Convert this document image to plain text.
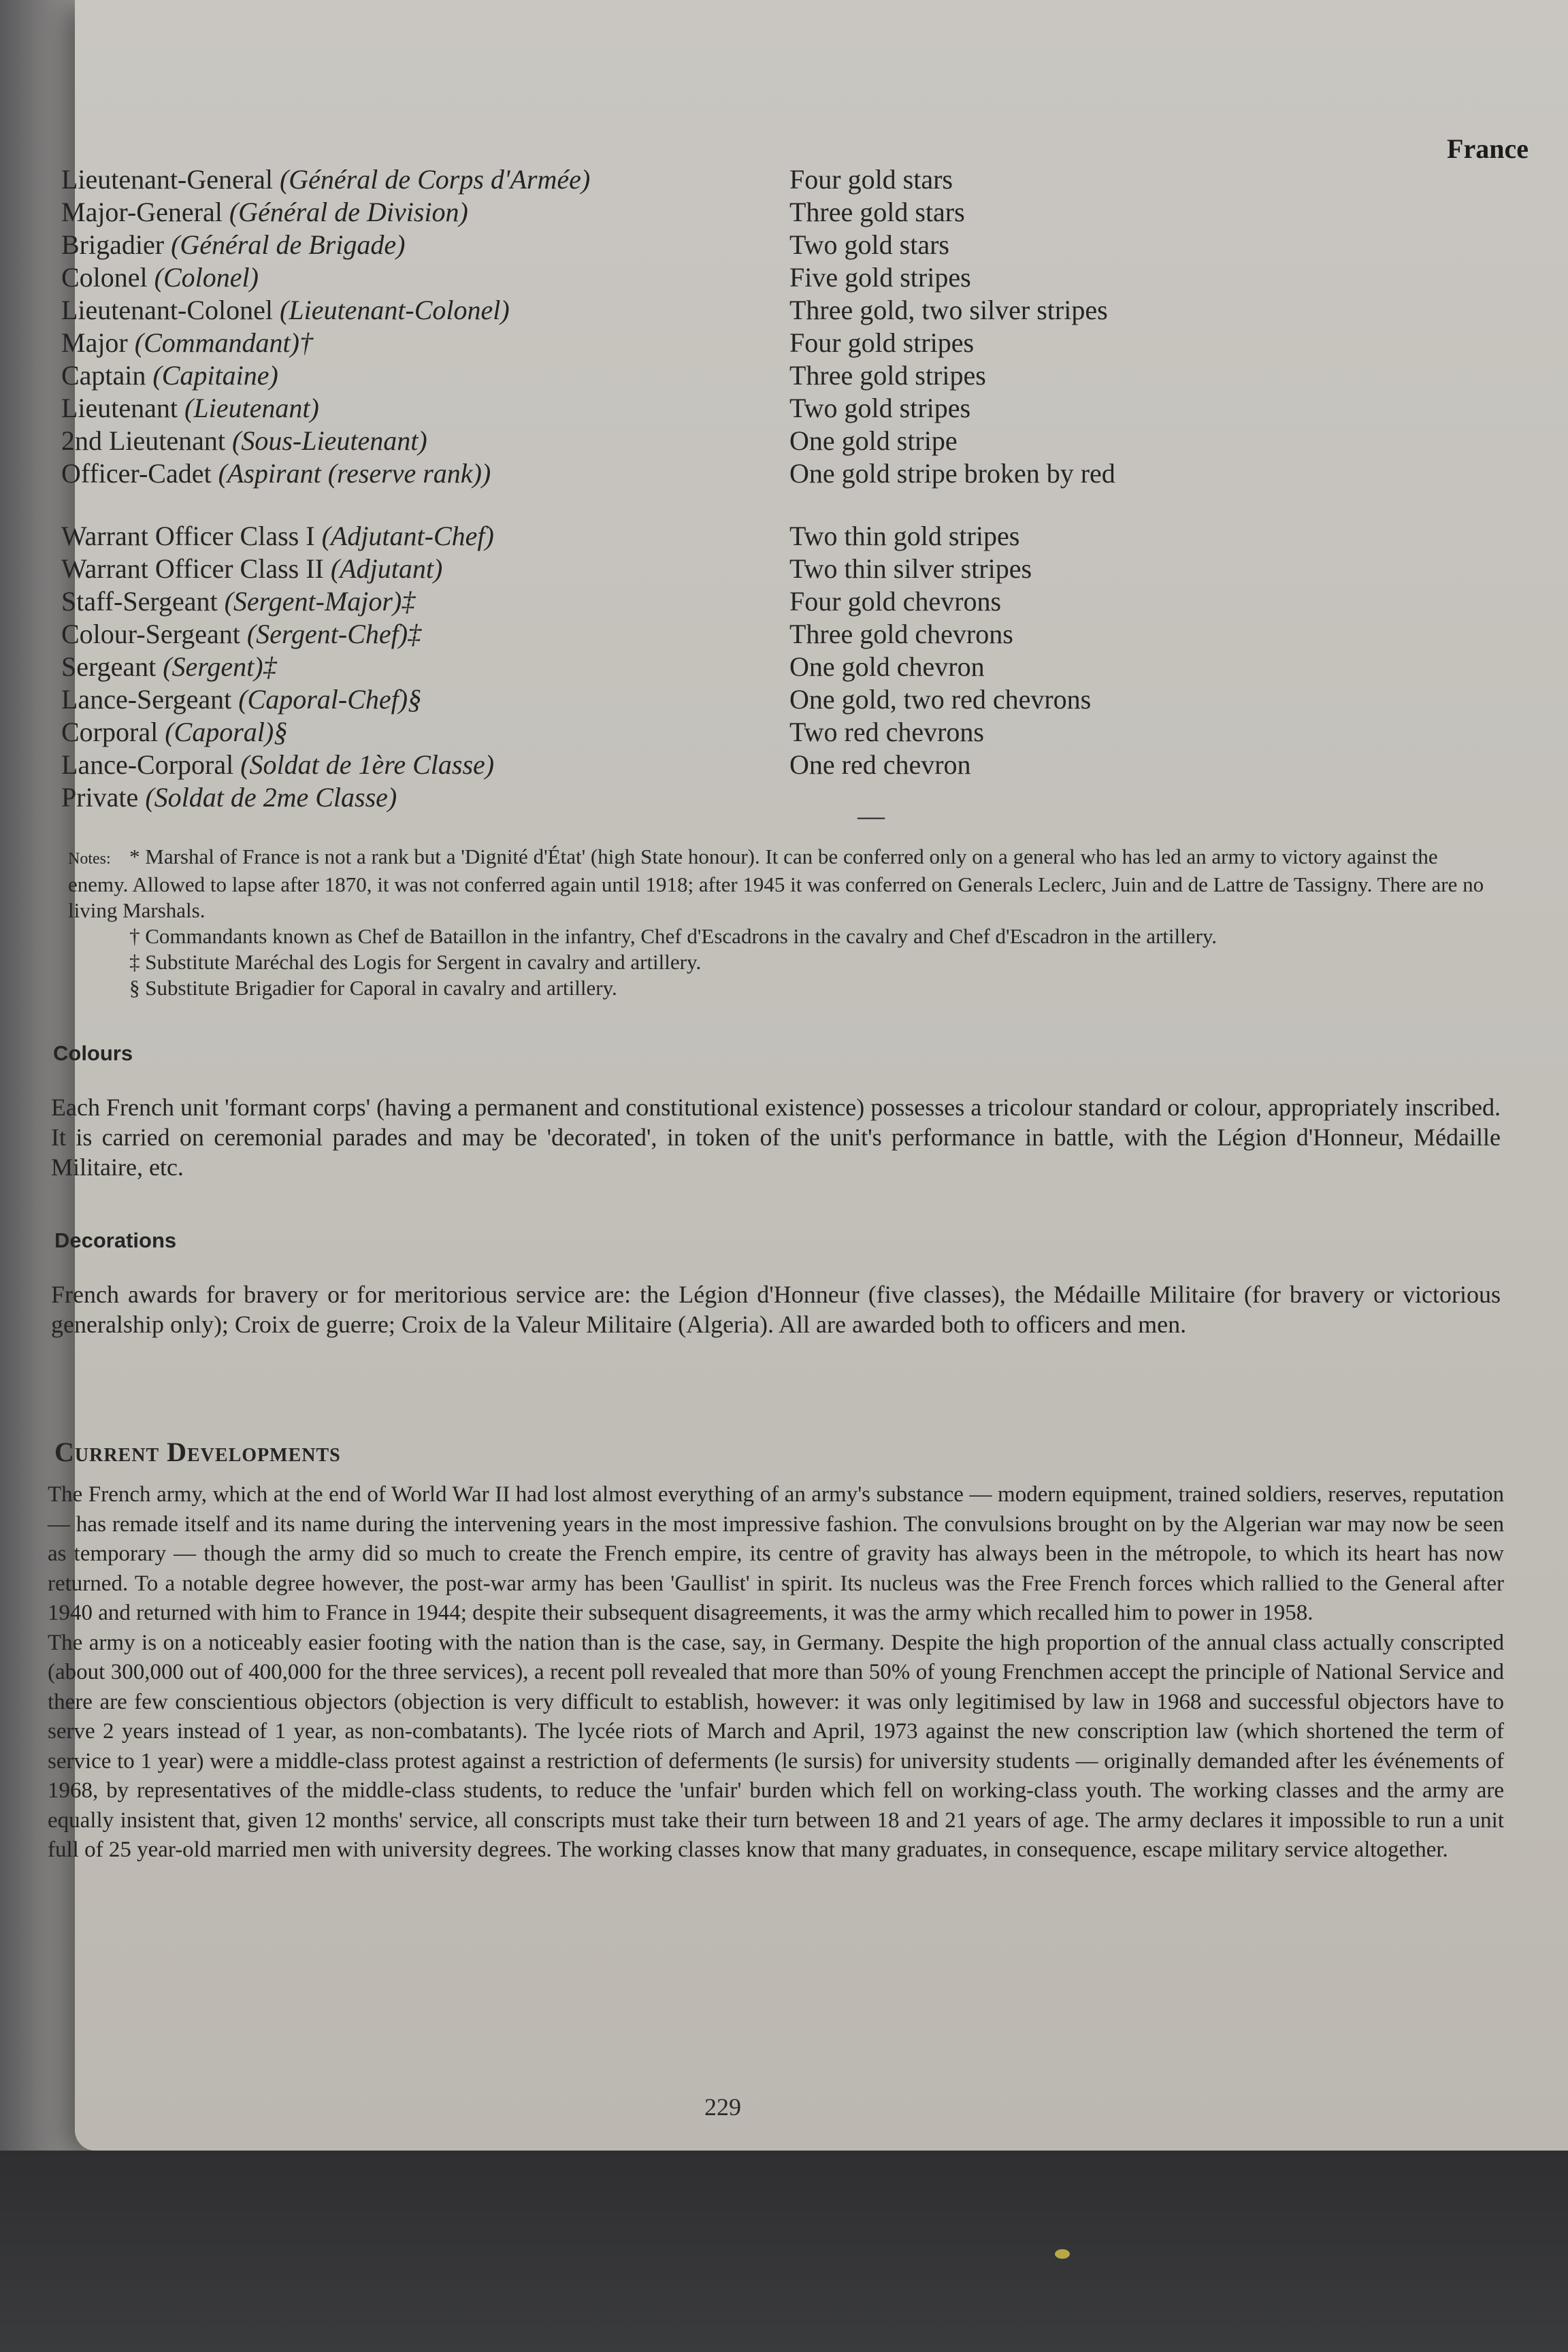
France
Lieutenant-General (Général de Corps d'Armée)	Four gold stars
Major-General (Général de Division)	Three gold stars
Brigadier (Général de Brigade)	Two gold stars
Colonel (Colonel)	Five gold stripes
Lieutenant-Colonel (Lieutenant-Colonel)	Three gold, two silver stripes
Major (Commandant)†	Four gold stripes
Captain (Capitaine)	Three gold stripes
Lieutenant (Lieutenant)	Two gold stripes
2nd Lieutenant (Sous-Lieutenant)	One gold stripe
Officer-Cadet (Aspirant (reserve rank))	One gold stripe broken by red
Warrant Officer Class I (Adjutant-Chef)	Two thin gold stripes
Warrant Officer Class II (Adjutant)	Two thin silver stripes
Staff-Sergeant (Sergent-Major)‡	Four gold chevrons
Colour-Sergeant (Sergent-Chef)‡	Three gold chevrons
Sergeant (Sergent)‡	One gold chevron
Lance-Sergeant (Caporal-Chef)§	One gold, two red chevrons
Corporal (Caporal)§	Two red chevrons
Lance-Corporal (Soldat de 1ère Classe)	One red chevron
Private (Soldat de 2me Classe)
—
Notes: * Marshal of France is not a rank but a 'Dignité d'État' (high State honour). It can be conferred only on a general who has led an army to victory against the enemy. Allowed to lapse after 1870, it was not conferred again until 1918; after 1945 it was conferred on Generals Leclerc, Juin and de Lattre de Tassigny. There are no living Marshals.
† Commandants known as Chef de Bataillon in the infantry, Chef d'Escadrons in the cavalry and Chef d'Escadron in the artillery.
‡ Substitute Maréchal des Logis for Sergent in cavalry and artillery.
§ Substitute Brigadier for Caporal in cavalry and artillery.
Colours
Each French unit 'formant corps' (having a permanent and constitutional existence) possesses a tricolour standard or colour, appropriately inscribed. It is carried on ceremonial parades and may be 'decorated', in token of the unit's performance in battle, with the Légion d'Honneur, Médaille Militaire, etc.
Decorations
French awards for bravery or for meritorious service are: the Légion d'Honneur (five classes), the Médaille Militaire (for bravery or victorious generalship only); Croix de guerre; Croix de la Valeur Militaire (Algeria). All are awarded both to officers and men.
Current Developments
The French army, which at the end of World War II had lost almost everything of an army's substance — modern equipment, trained soldiers, reserves, reputation — has remade itself and its name during the intervening years in the most impressive fashion. The convulsions brought on by the Algerian war may now be seen as temporary — though the army did so much to create the French empire, its centre of gravity has always been in the métropole, to which its heart has now returned. To a notable degree however, the post-war army has been 'Gaullist' in spirit. Its nucleus was the Free French forces which rallied to the General after 1940 and returned with him to France in 1944; despite their subsequent disagreements, it was the army which recalled him to power in 1958.
The army is on a noticeably easier footing with the nation than is the case, say, in Germany. Despite the high proportion of the annual class actually conscripted (about 300,000 out of 400,000 for the three services), a recent poll revealed that more than 50% of young Frenchmen accept the principle of National Service and there are few conscientious objectors (objection is very difficult to establish, however: it was only legitimised by law in 1968 and successful objectors have to serve 2 years instead of 1 year, as non-combatants). The lycée riots of March and April, 1973 against the new conscription law (which shortened the term of service to 1 year) were a middle-class protest against a restriction of deferments (le sursis) for university students — originally demanded after les événements of 1968, by representatives of the middle-class students, to reduce the 'unfair' burden which fell on working-class youth. The working classes and the army are equally insistent that, given 12 months' service, all conscripts must take their turn between 18 and 21 years of age. The army declares it impossible to run a unit full of 25 year-old married men with university degrees. The working classes know that many graduates, in consequence, escape military service altogether.
229
